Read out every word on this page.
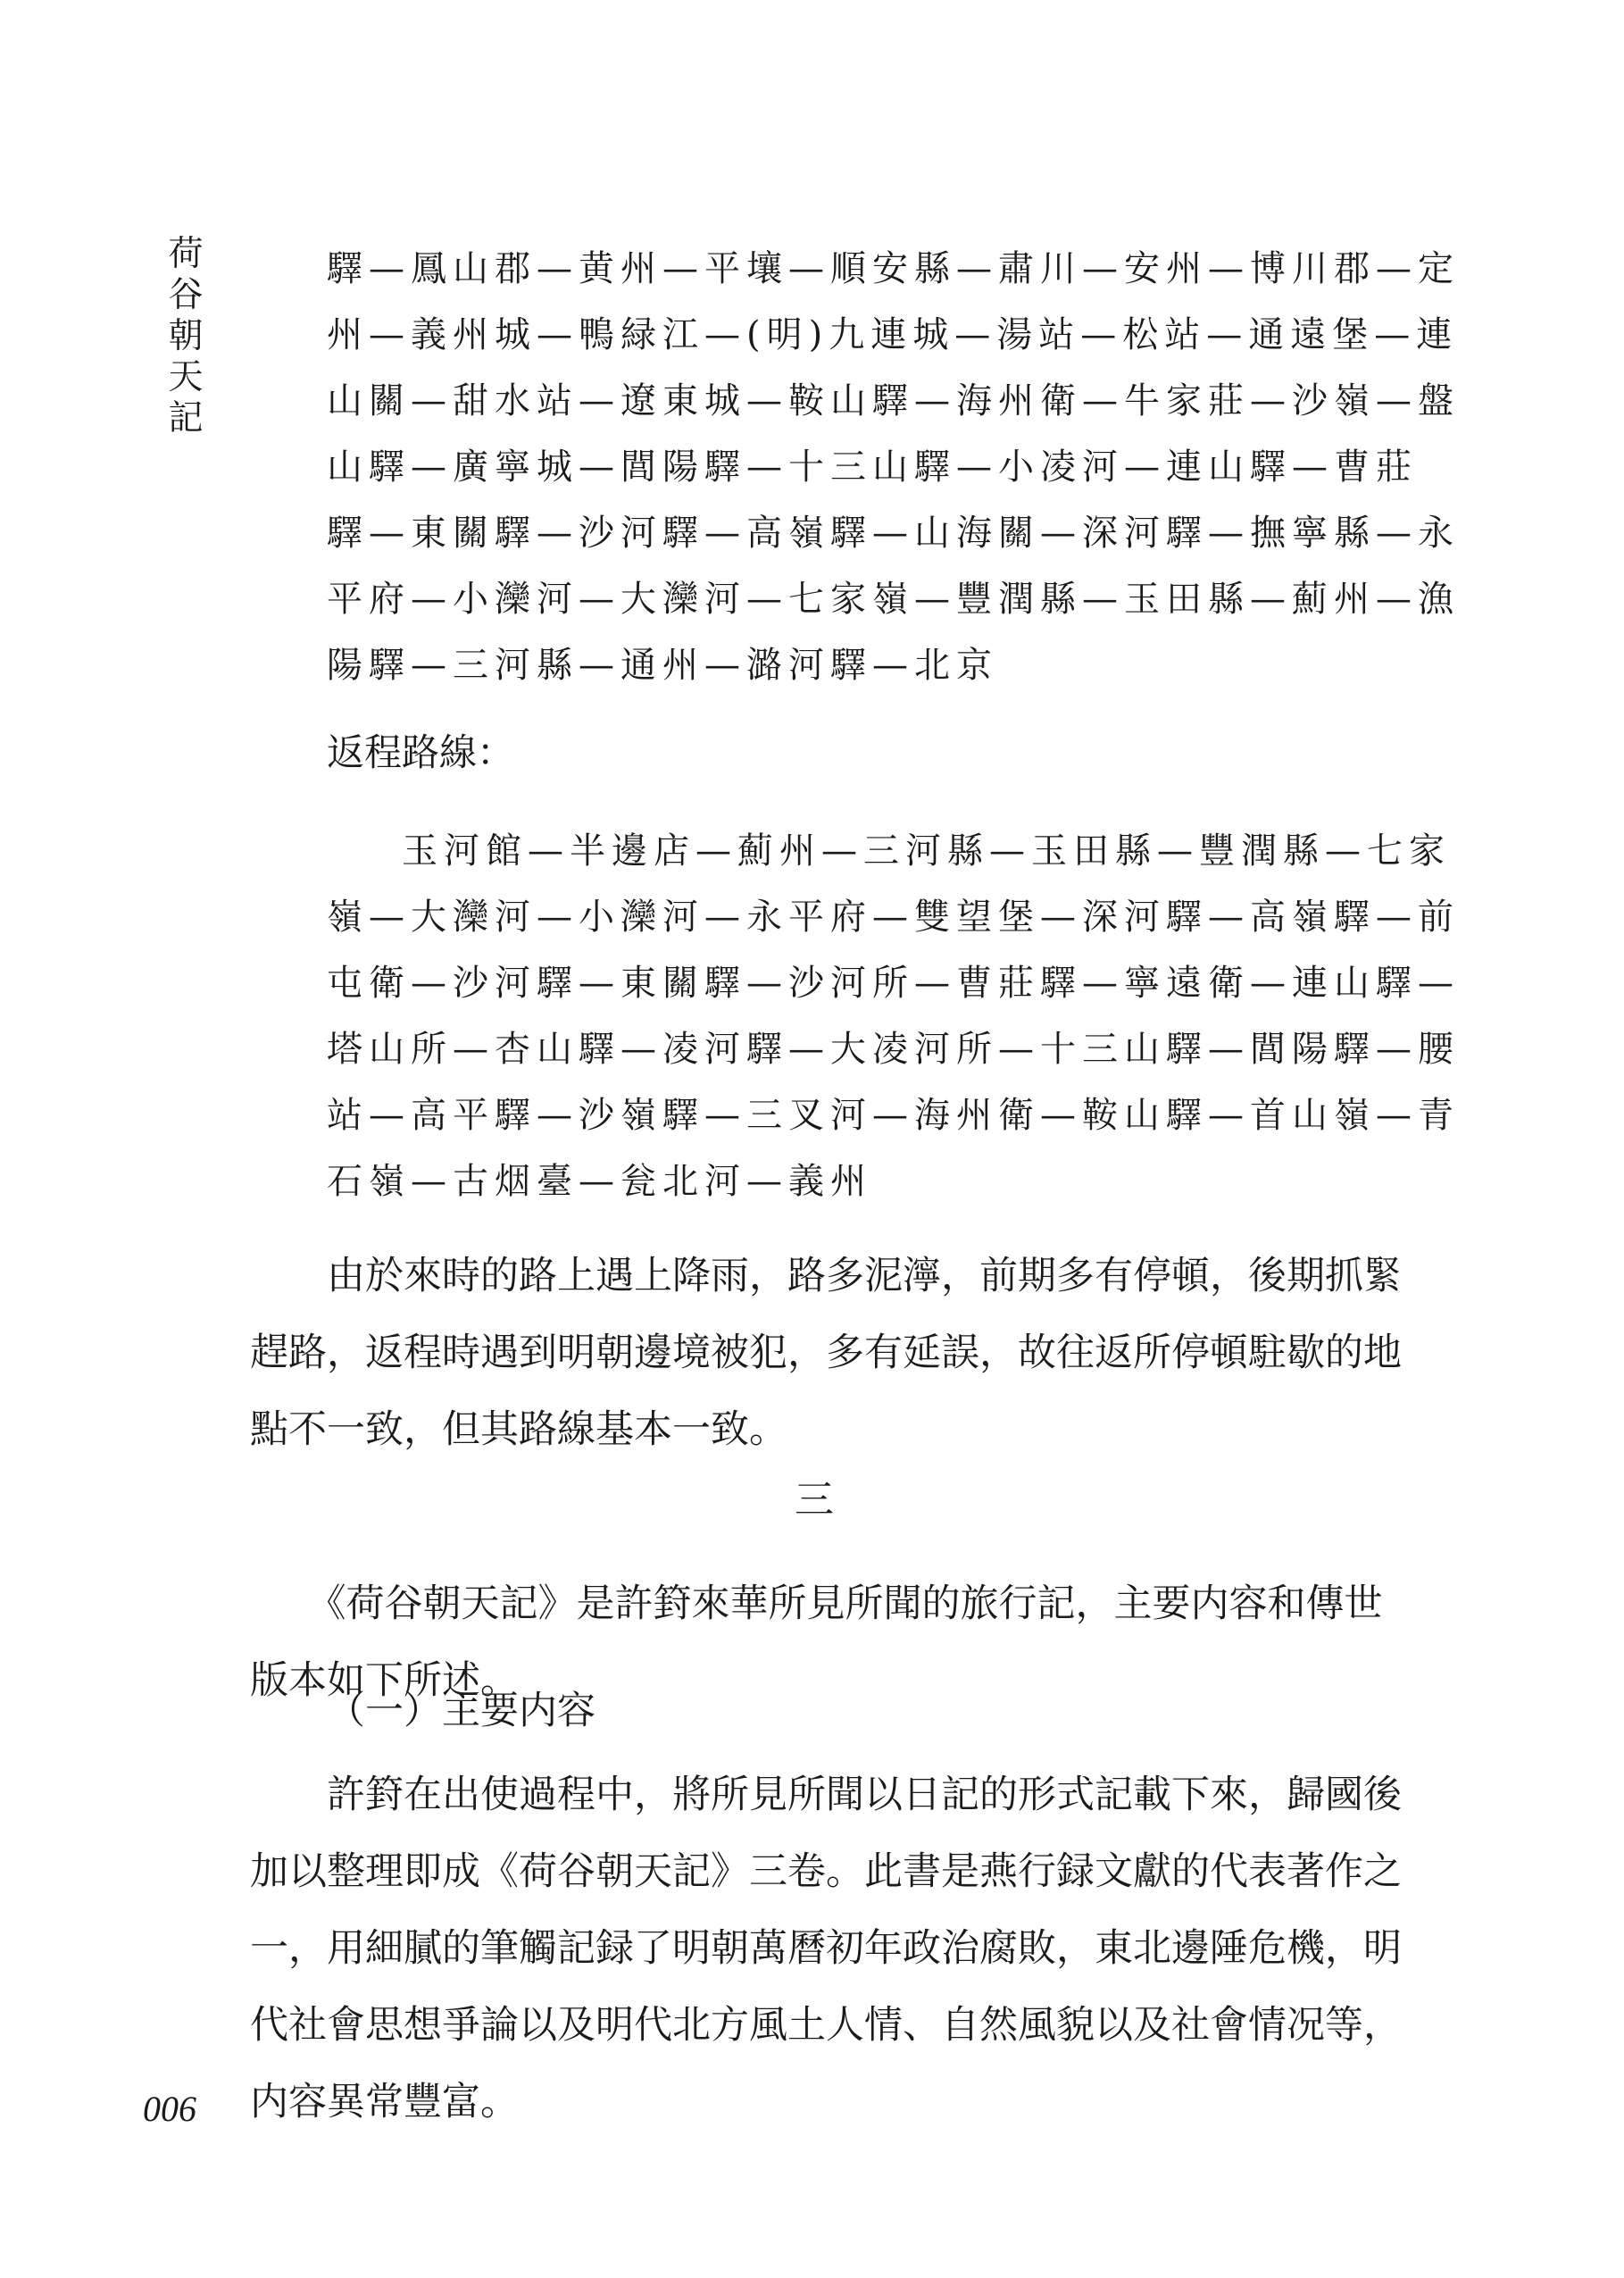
荷
谷
朝
天
記
驛—鳳山郡—黄州—平壤—順安縣—肅川—安州—博川郡—定
州—義州城—鴨緑江—(明)九連城—湯站—松站—通遠堡—連
山關—甜水站—遼東城—鞍山驛—海州衛—牛家莊—沙嶺—盤
山驛—廣寧城—閭陽驛—十三山驛—小凌河—連山驛—曹莊
驛—東關驛—沙河驛—高嶺驛—山海關—深河驛—撫寧縣—永
平府—小灤河—大灤河—七家嶺—豐潤縣—玉田縣—薊州—漁
陽驛—三河縣—通州—潞河驛—北京
返程路線：
玉河館—半邊店—薊州—三河縣—玉田縣—豐潤縣—七家
嶺—大灤河—小灤河—永平府—雙望堡—深河驛—高嶺驛—前
屯衛—沙河驛—東關驛—沙河所—曹莊驛—寧遠衛—連山驛—
塔山所—杏山驛—凌河驛—大凌河所—十三山驛—閭陽驛—腰
站—高平驛—沙嶺驛—三叉河—海州衛—鞍山驛—首山嶺—青
石嶺—古烟臺—瓮北河—義州
　　由於來時的路上遇上降雨，路多泥濘，前期多有停頓，後期抓緊
趕路，返程時遇到明朝邊境被犯，多有延誤，故往返所停頓駐歇的地
點不一致，但其路線基本一致。
三
　　《荷谷朝天記》是許篈來華所見所聞的旅行記，主要内容和傳世
版本如下所述。
（一）主要内容
　　許篈在出使過程中，將所見所聞以日記的形式記載下來，歸國後
加以整理即成《荷谷朝天記》三卷。此書是燕行録文獻的代表著作之
一，用細膩的筆觸記録了明朝萬曆初年政治腐敗，東北邊陲危機，明
代社會思想爭論以及明代北方風土人情、自然風貌以及社會情况等，
内容異常豐富。
006
